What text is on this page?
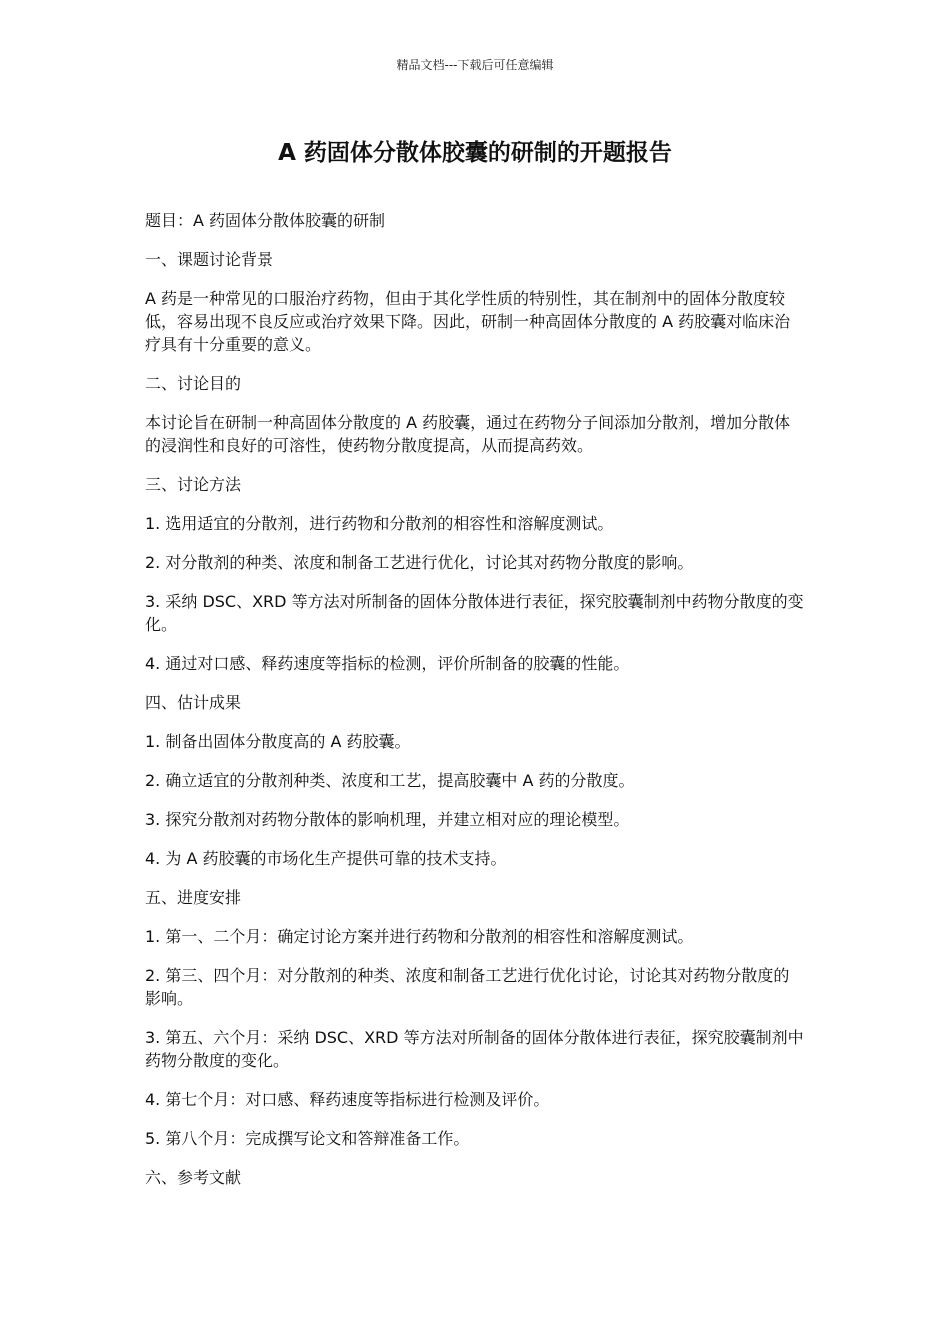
精品文档---下载后可任意编辑
A 药固体分散体胶囊的研制的开题报告

题目：A 药固体分散体胶囊的研制

一、课题讨论背景

A 药是一种常见的口服治疗药物，但由于其化学性质的特别性，其在制剂中的固体分散度较低，容易出现不良反应或治疗效果下降。因此，研制一种高固体分散度的 A 药胶囊对临床治疗具有十分重要的意义。

二、讨论目的

本讨论旨在研制一种高固体分散度的 A 药胶囊，通过在药物分子间添加分散剂，增加分散体的浸润性和良好的可溶性，使药物分散度提高，从而提高药效。

三、讨论方法

1. 选用适宜的分散剂，进行药物和分散剂的相容性和溶解度测试。

2. 对分散剂的种类、浓度和制备工艺进行优化，讨论其对药物分散度的影响。

3. 采纳 DSC、XRD 等方法对所制备的固体分散体进行表征，探究胶囊制剂中药物分散度的变化。

4. 通过对口感、释药速度等指标的检测，评价所制备的胶囊的性能。

四、估计成果

1. 制备出固体分散度高的 A 药胶囊。

2. 确立适宜的分散剂种类、浓度和工艺，提高胶囊中 A 药的分散度。

3. 探究分散剂对药物分散体的影响机理，并建立相对应的理论模型。

4. 为 A 药胶囊的市场化生产提供可靠的技术支持。

五、进度安排

1. 第一、二个月：确定讨论方案并进行药物和分散剂的相容性和溶解度测试。

2. 第三、四个月：对分散剂的种类、浓度和制备工艺进行优化讨论，讨论其对药物分散度的影响。

3. 第五、六个月：采纳 DSC、XRD 等方法对所制备的固体分散体进行表征，探究胶囊制剂中药物分散度的变化。

4. 第七个月：对口感、释药速度等指标进行检测及评价。

5. 第八个月：完成撰写论文和答辩准备工作。

六、参考文献
